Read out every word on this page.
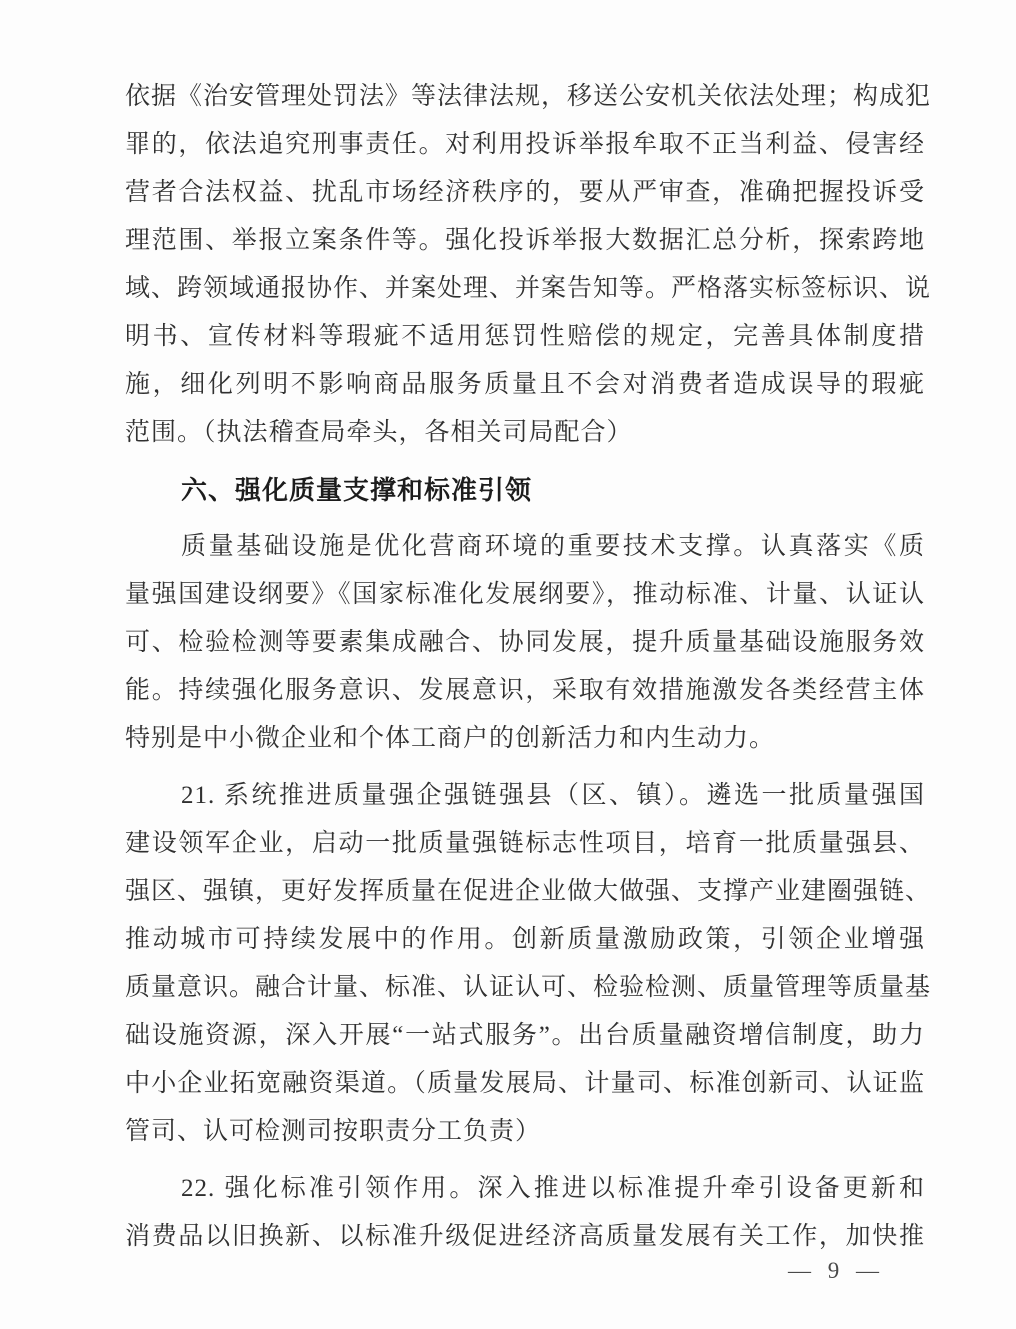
依据《治安管理处罚法》等法律法规，移送公安机关依法处理；构成犯
罪的，依法追究刑事责任。对利用投诉举报牟取不正当利益、侵害经
营者合法权益、扰乱市场经济秩序的，要从严审查，准确把握投诉受
理范围、举报立案条件等。强化投诉举报大数据汇总分析，探索跨地
域、跨领域通报协作、并案处理、并案告知等。严格落实标签标识、说
明书、宣传材料等瑕疵不适用惩罚性赔偿的规定，完善具体制度措
施，细化列明不影响商品服务质量且不会对消费者造成误导的瑕疵
范围。（执法稽查局牵头，各相关司局配合）
六、强化质量支撑和标准引领
质量基础设施是优化营商环境的重要技术支撑。认真落实《质
量强国建设纲要》《国家标准化发展纲要》，推动标准、计量、认证认
可、检验检测等要素集成融合、协同发展，提升质量基础设施服务效
能。持续强化服务意识、发展意识，采取有效措施激发各类经营主体
特别是中小微企业和个体工商户的创新活力和内生动力。
21. 系统推进质量强企强链强县（区、镇）。遴选一批质量强国
建设领军企业，启动一批质量强链标志性项目，培育一批质量强县、
强区、强镇，更好发挥质量在促进企业做大做强、支撑产业建圈强链、
推动城市可持续发展中的作用。创新质量激励政策，引领企业增强
质量意识。融合计量、标准、认证认可、检验检测、质量管理等质量基
础设施资源，深入开展“一站式服务”。出台质量融资增信制度，助力
中小企业拓宽融资渠道。（质量发展局、计量司、标准创新司、认证监
管司、认可检测司按职责分工负责）
22. 强化标准引领作用。深入推进以标准提升牵引设备更新和
消费品以旧换新、以标准升级促进经济高质量发展有关工作，加快推
— 9 —
